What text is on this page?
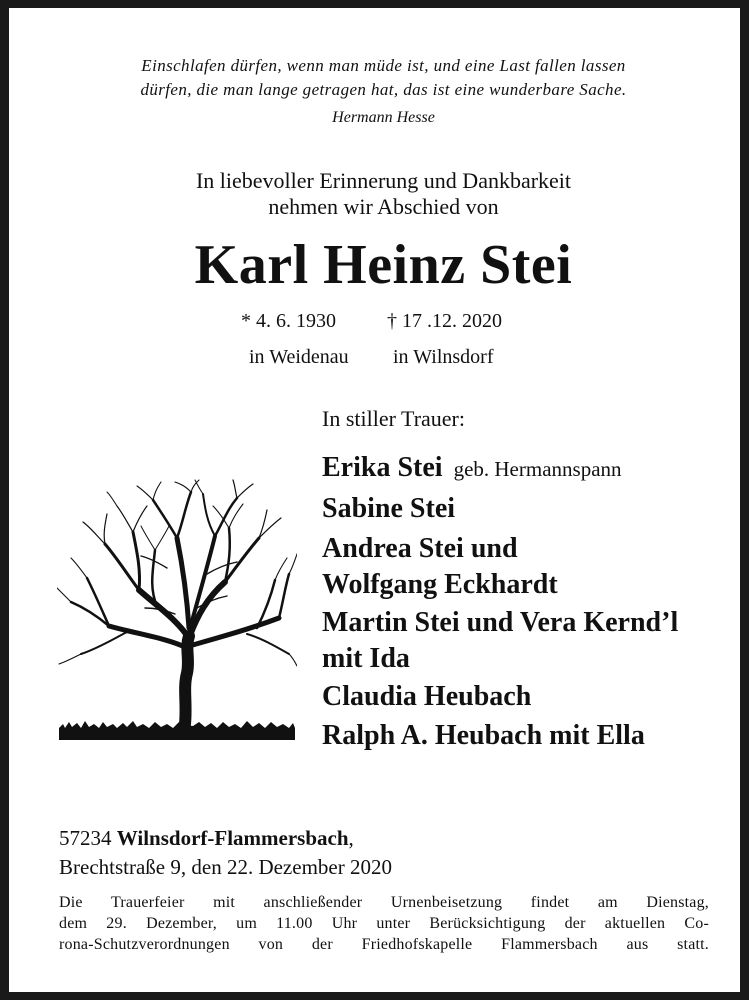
Einschlafen dürfen, wenn man müde ist, und eine Last fallen lassen
dürfen, die man lange getragen hat, das ist eine wunderbare Sache.
Hermann Hesse
In liebevoller Erinnerung und Dankbarkeit
nehmen wir Abschied von
Karl Heinz Stei
* 4. 6. 1930	† 17 .12. 2020
in Weidenau in Wilnsdorf
In stiller Trauer:
Erika Stei geb. Hermannspann
Sabine Stei
Andrea Stei und
Wolfgang Eckhardt
Martin Stei und Vera Kernd’l
mit Ida
Claudia Heubach
Ralph A. Heubach mit Ella
57234 Wilnsdorf-Flammersbach,
Brechtstraße 9, den 22. Dezember 2020
Die Trauerfeier mit anschließender Urnenbeisetzung findet am Dienstag,
dem 29. Dezember, um 11.00 Uhr unter Berücksichtigung der aktuellen Co-
rona-Schutzverordnungen von der Friedhofskapelle Flammersbach aus statt.
